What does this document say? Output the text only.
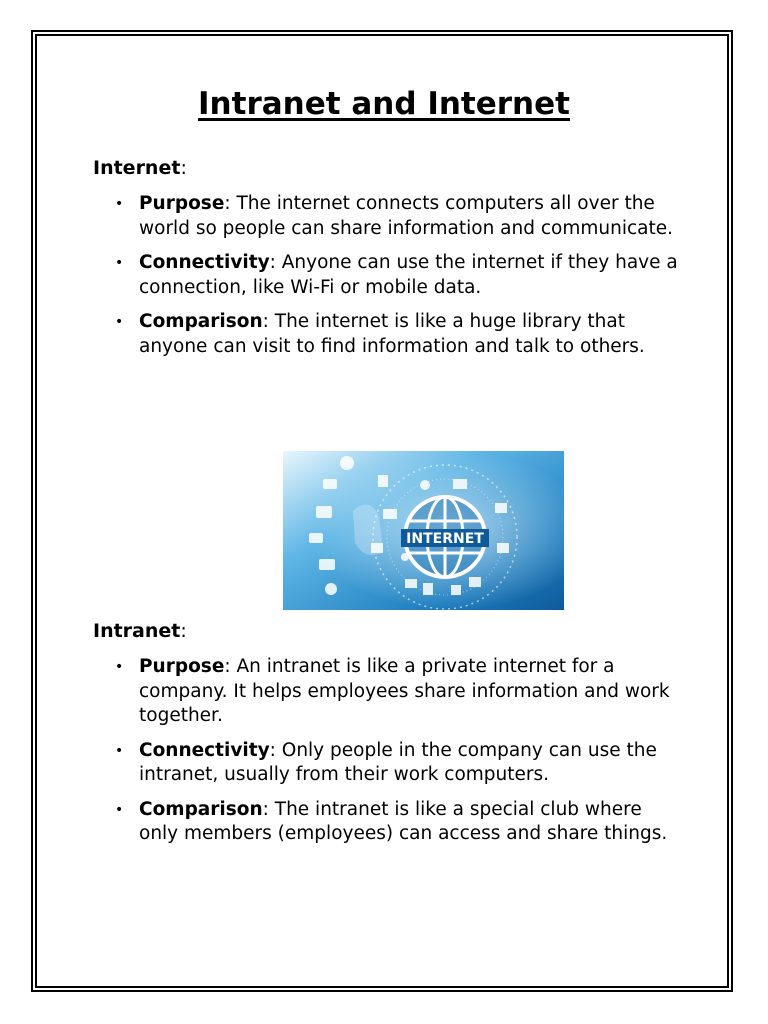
Intranet and Internet

Internet:

• Purpose: The internet connects computers all over the world so people can share information and communicate.
• Connectivity: Anyone can use the internet if they have a connection, like Wi-Fi or mobile data.
• Comparison: The internet is like a huge library that anyone can visit to find information and talk to others.
INTERNET

Intranet:

• Purpose: An intranet is like a private internet for a company. It helps employees share information and work together.
• Connectivity: Only people in the company can use the intranet, usually from their work computers.
• Comparison: The intranet is like a special club where only members (employees) can access and share things.
